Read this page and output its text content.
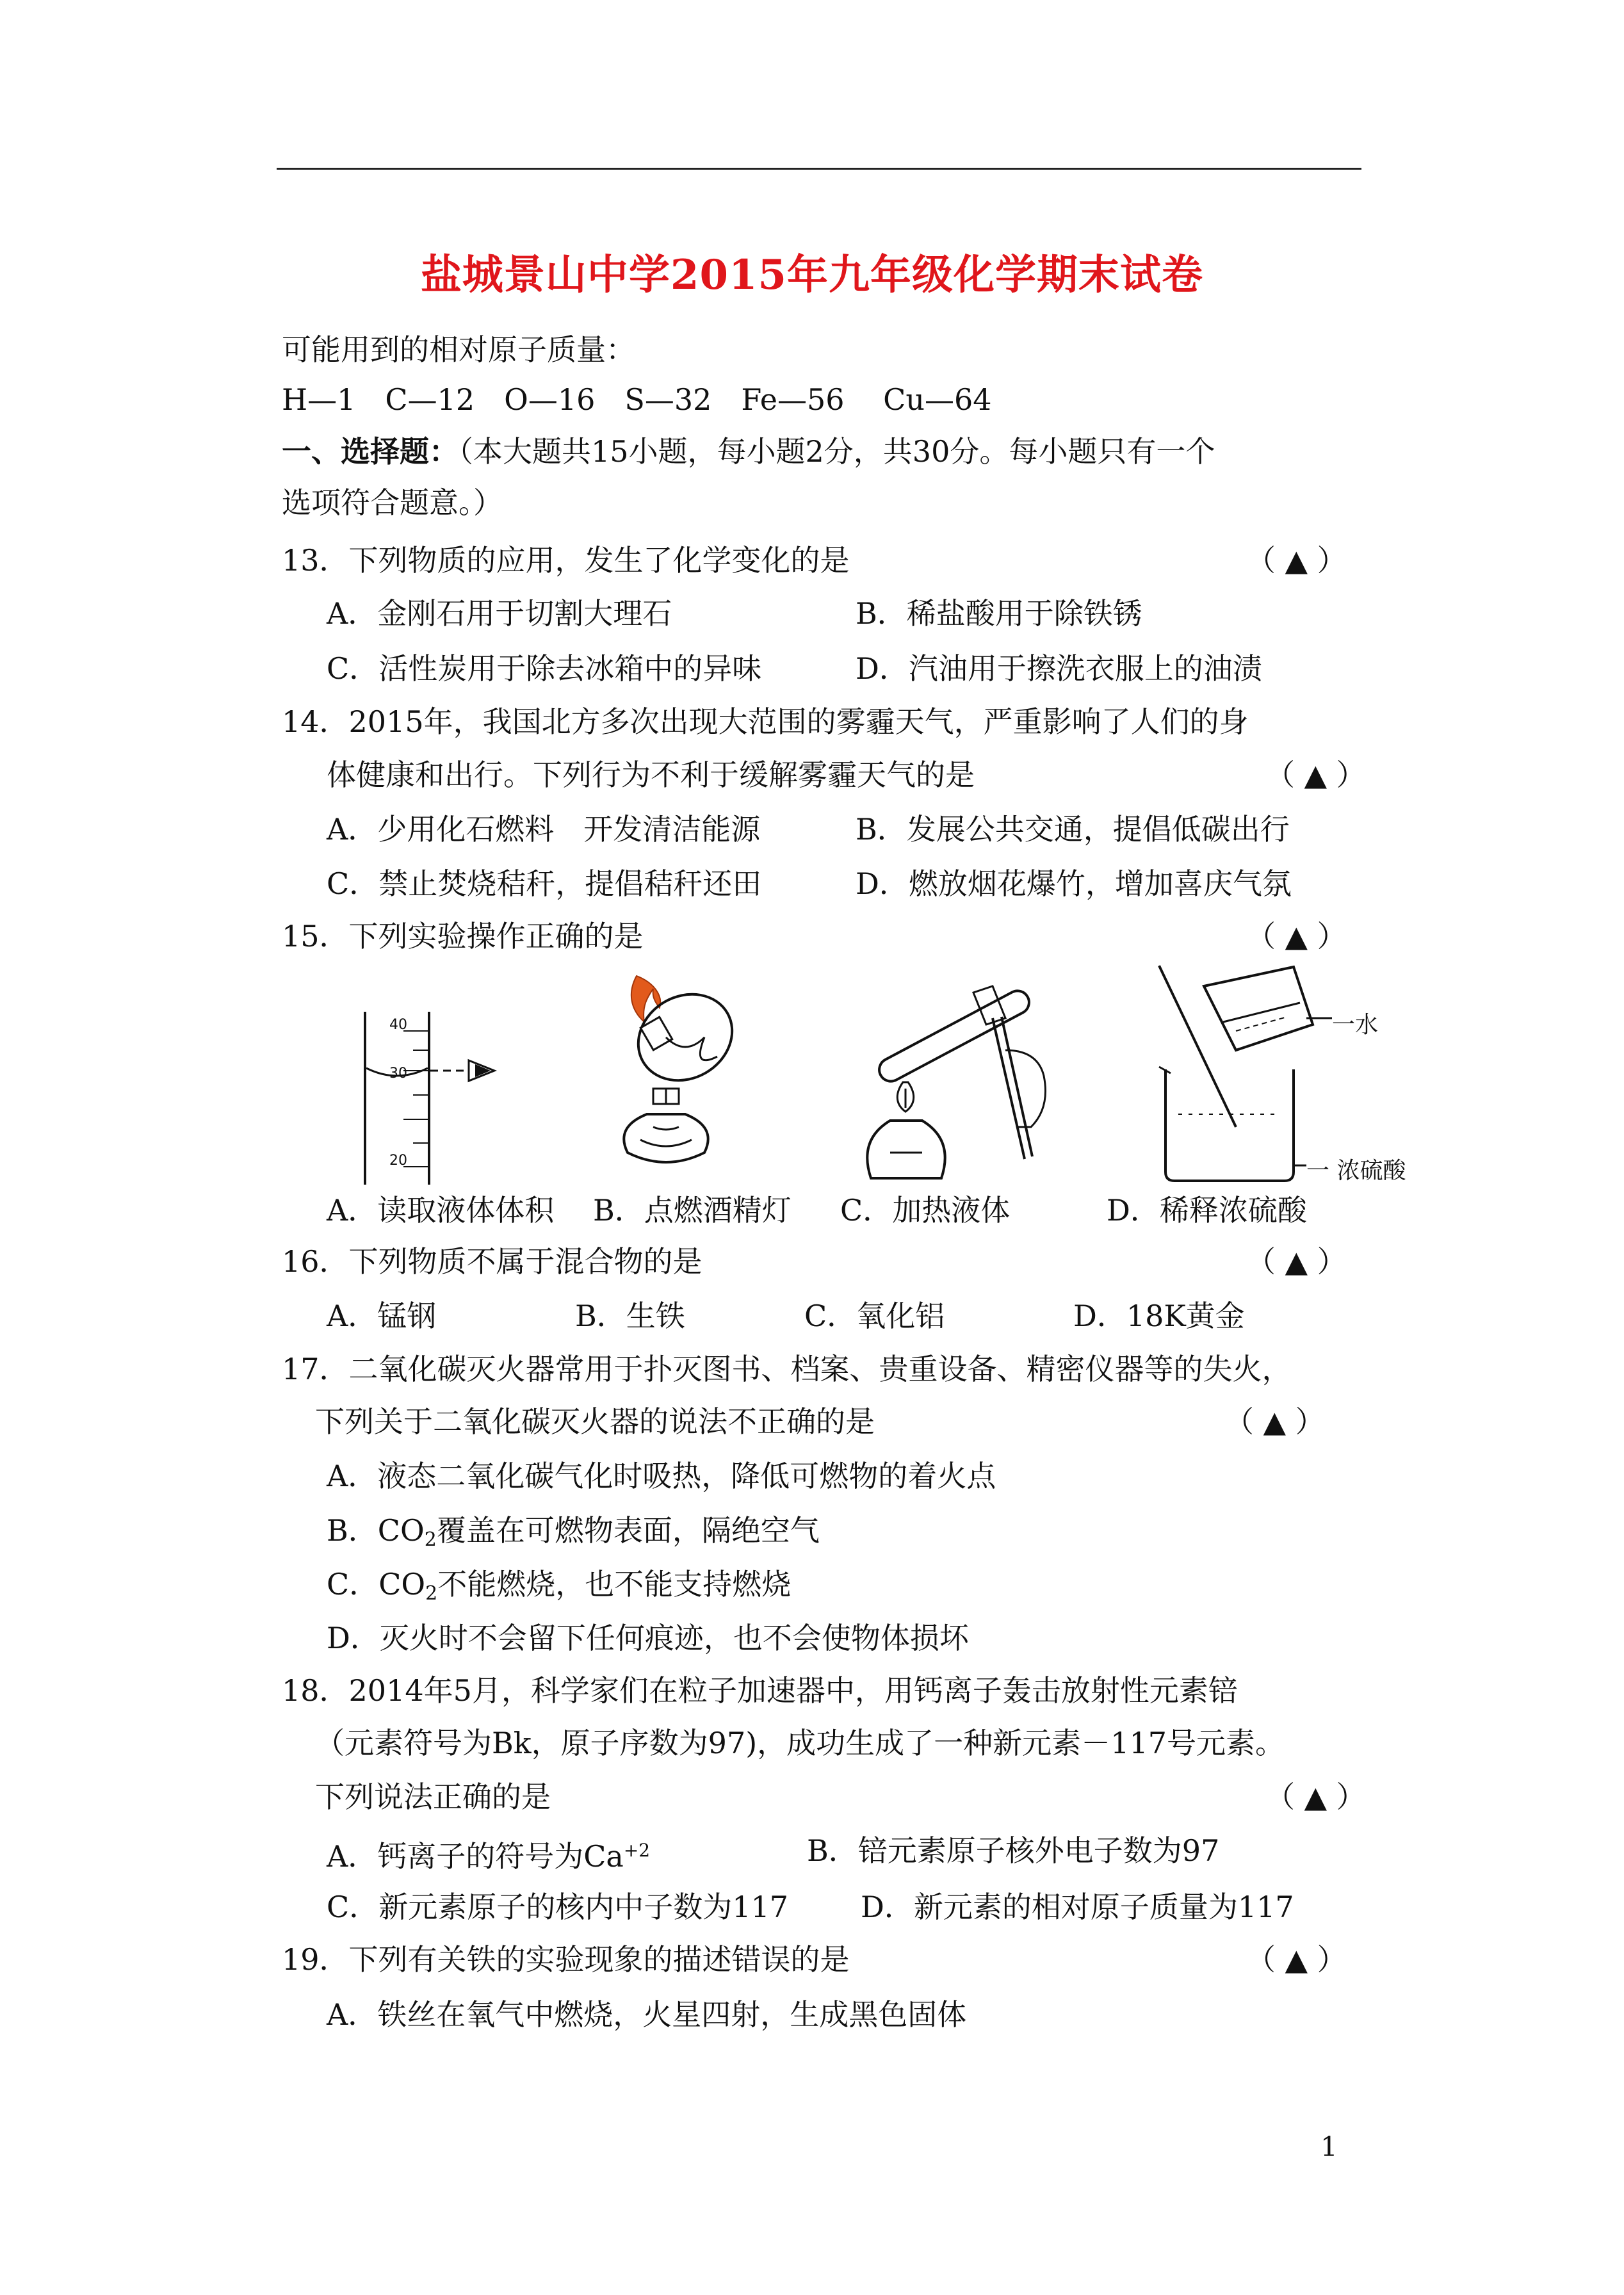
盐城景山中学2015年九年级化学期末试卷
可能用到的相对原子质量：
H—1　C—12　O—16　S—32　Fe—56　 Cu—64
一、选择题：（本大题共15小题，每小题2分，共30分。每小题只有一个
选项符合题意。）
13．下列物质的应用，发生了化学变化的是	（ ▲ ）
A．金刚石用于切割大理石	B．稀盐酸用于除铁锈
C．活性炭用于除去冰箱中的异味	D．汽油用于擦洗衣服上的油渍
14．2015年，我国北方多次出现大范围的雾霾天气，严重影响了人们的身
体健康和出行。下列行为不利于缓解雾霾天气的是	（ ▲ ）
A．少用化石燃料　开发清洁能源	B．发展公共交通，提倡低碳出行
C．禁止焚烧秸秆，提倡秸秆还田	D．燃放烟花爆竹，增加喜庆气氛
15．下列实验操作正确的是	（ ▲ ）
40
30
20
一水
一 浓硫酸
A．读取液体体积 B．点燃酒精灯 C．加热液体	D．稀释浓硫酸
16．下列物质不属于混合物的是	（ ▲ ）
A．锰钢	B．生铁	C．氧化铝	D．18K黄金
17．二氧化碳灭火器常用于扑灭图书、档案、贵重设备、精密仪器等的失火，
下列关于二氧化碳灭火器的说法不正确的是	（ ▲ ）
A．液态二氧化碳气化时吸热，降低可燃物的着火点
B．$CO_2$覆盖在可燃物表面，隔绝空气
C．$CO_2$不能燃烧，也不能支持燃烧
D．灭火时不会留下任何痕迹，也不会使物体损坏
18．2014年5月，科学家们在粒子加速器中，用钙离子轰击放射性元素锫
（元素符号为Bk，原子序数为97)，成功生成了一种新元素－117号元素。
下列说法正确的是	（ ▲ ）
A．钙离子的符号为$Ca^{+2}$	B．锫元素原子核外电子数为97
C．新元素原子的核内中子数为117 D．新元素的相对原子质量为117
19．下列有关铁的实验现象的描述错误的是	（ ▲ ）
A．铁丝在氧气中燃烧，火星四射，生成黑色固体
1
